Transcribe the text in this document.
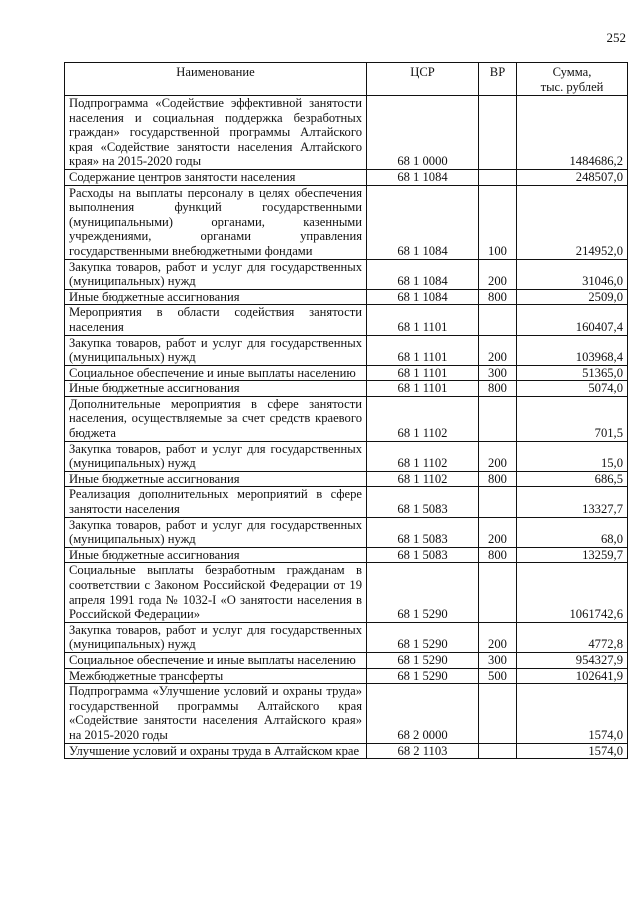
252
Наименование	ЦСР	ВР	Сумма,
тыс. рублей

Подпрограмма «Содействие эффективной занятости населения и социальная поддержка безработных граждан» государственной программы Алтайского края «Содействие занятости населения Алтайского края» на 2015-2020 годы	68 1 0000		1484686,2
Содержание центров занятости населения	68 1 1084		248507,0
Расходы на выплаты персоналу в целях обеспечения выполнения функций государственными (муниципальными) органами, казенными учреждениями, органами управления государственными внебюджетными фондами	68 1 1084	100	214952,0
Закупка товаров, работ и услуг для государственных (муниципальных) нужд	68 1 1084	200	31046,0
Иные бюджетные ассигнования	68 1 1084	800	2509,0
Мероприятия в области содействия занятости населения	68 1 1101		160407,4
Закупка товаров, работ и услуг для государственных (муниципальных) нужд	68 1 1101	200	103968,4
Социальное обеспечение и иные выплаты населению	68 1 1101	300	51365,0
Иные бюджетные ассигнования	68 1 1101	800	5074,0
Дополнительные мероприятия в сфере занятости населения, осуществляемые за счет средств краевого бюджета	68 1 1102		701,5
Закупка товаров, работ и услуг для государственных (муниципальных) нужд	68 1 1102	200	15,0
Иные бюджетные ассигнования	68 1 1102	800	686,5
Реализация дополнительных мероприятий в сфере занятости населения	68 1 5083		13327,7
Закупка товаров, работ и услуг для государственных (муниципальных) нужд	68 1 5083	200	68,0
Иные бюджетные ассигнования	68 1 5083	800	13259,7
Социальные выплаты безработным гражданам в соответствии с Законом Российской Федерации от 19 апреля 1991 года № 1032-I «О занятости населения в Российской Федерации»	68 1 5290		1061742,6
Закупка товаров, работ и услуг для государственных (муниципальных) нужд	68 1 5290	200	4772,8
Социальное обеспечение и иные выплаты населению	68 1 5290	300	954327,9
Межбюджетные трансферты	68 1 5290	500	102641,9
Подпрограмма «Улучшение условий и охраны труда» государственной программы Алтайского края «Содействие занятости населения Алтайского края» на 2015-2020 годы	68 2 0000		1574,0
Улучшение условий и охраны труда в Алтайском крае	68 2 1103		1574,0
